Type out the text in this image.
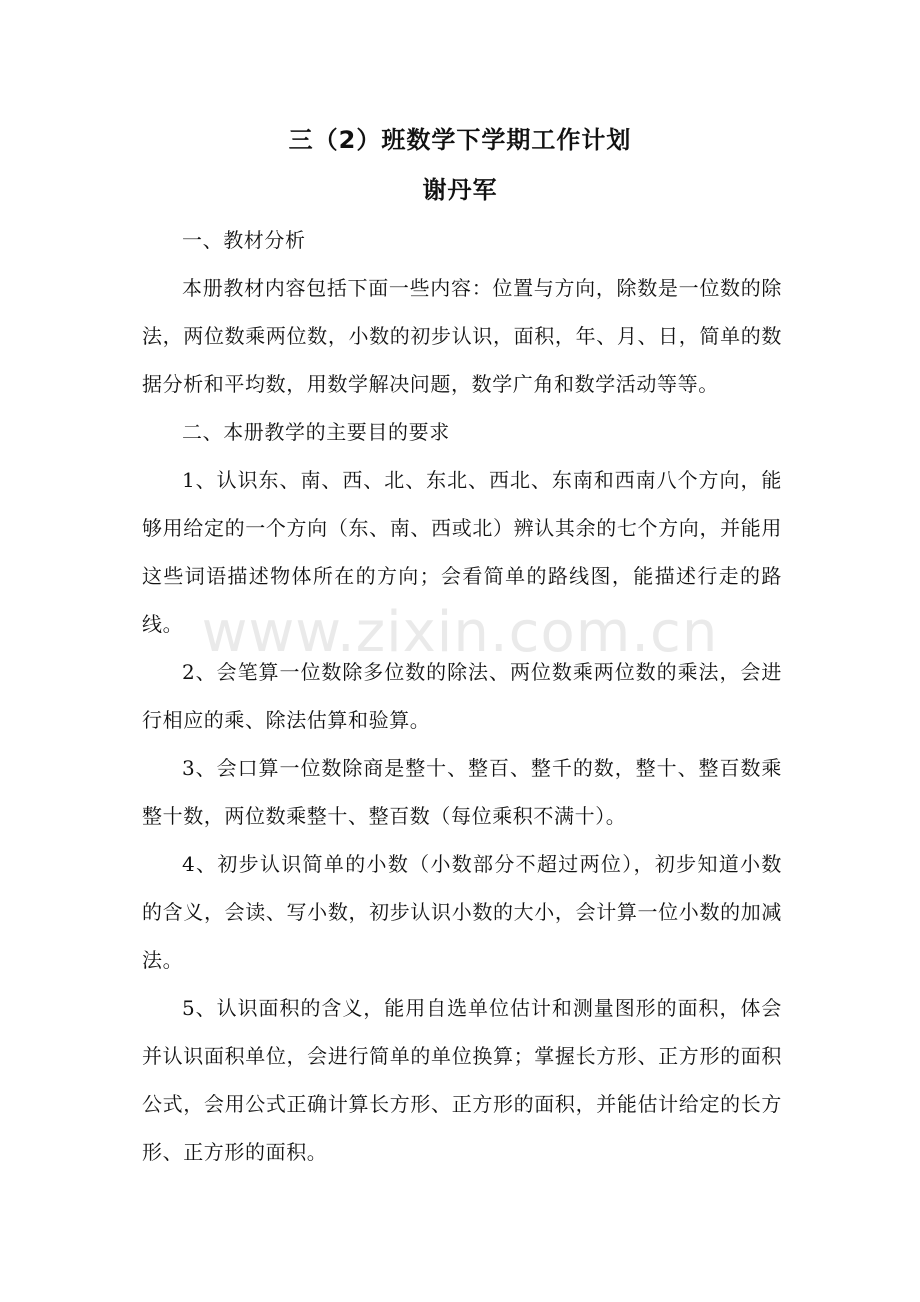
三（2）班数学下学期工作计划
谢丹军
www.zixin.com.cn

一、教材分析

本册教材内容包括下面一些内容：位置与方向，除数是一位数的除法，两位数乘两位数，小数的初步认识，面积，年、月、日，简单的数据分析和平均数，用数学解决问题，数学广角和数学活动等等。

二、本册教学的主要目的要求

1、认识东、南、西、北、东北、西北、东南和西南八个方向，能够用给定的一个方向（东、南、西或北）辨认其余的七个方向，并能用这些词语描述物体所在的方向；会看简单的路线图，能描述行走的路线。

2、会笔算一位数除多位数的除法、两位数乘两位数的乘法，会进行相应的乘、除法估算和验算。

3、会口算一位数除商是整十、整百、整千的数，整十、整百数乘整十数，两位数乘整十、整百数（每位乘积不满十）。

4、初步认识简单的小数（小数部分不超过两位），初步知道小数的含义，会读、写小数，初步认识小数的大小，会计算一位小数的加减法。

5、认识面积的含义，能用自选单位估计和测量图形的面积，体会并认识面积单位，会进行简单的单位换算；掌握长方形、正方形的面积公式，会用公式正确计算长方形、正方形的面积，并能估计给定的长方形、正方形的面积。
